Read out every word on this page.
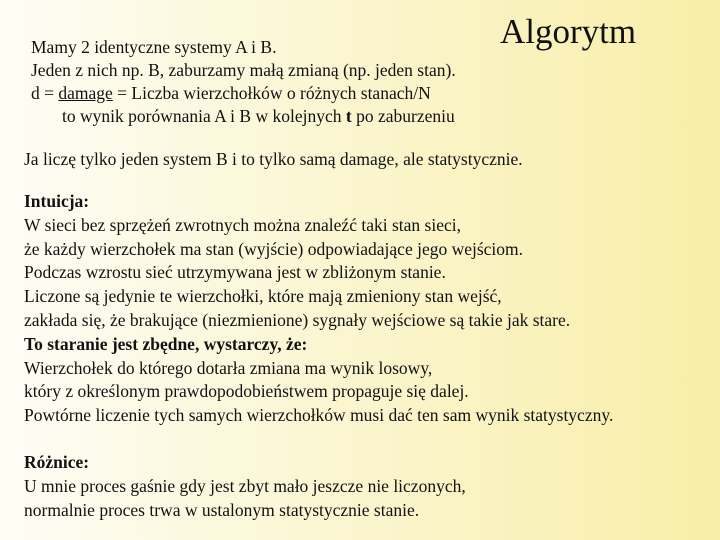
Algorytm
Mamy 2 identyczne systemy A i B.
Jeden z nich np. B, zaburzamy małą zmianą (np. jeden stan).
d = damage = Liczba wierzchołków o różnych stanach/N
to wynik porównania A i B w kolejnych t po zaburzeniu
Ja liczę tylko jeden system B i to tylko samą damage, ale statystycznie.
Intuicja:
W sieci bez sprzężeń zwrotnych można znaleźć taki stan sieci,
że każdy wierzchołek ma stan (wyjście) odpowiadające jego wejściom.
Podczas wzrostu sieć utrzymywana jest w zbliżonym stanie.
Liczone są jedynie te wierzchołki, które mają zmieniony stan wejść,
zakłada się, że brakujące (niezmienione) sygnały wejściowe są takie jak stare.
To staranie jest zbędne, wystarczy, że:
Wierzchołek do którego dotarła zmiana ma wynik losowy,
który z określonym prawdopodobieństwem propaguje się dalej.
Powtórne liczenie tych samych wierzchołków musi dać ten sam wynik statystyczny.
Różnice:
U mnie proces gaśnie gdy jest zbyt mało jeszcze nie liczonych,
normalnie proces trwa w ustalonym statystycznie stanie.
